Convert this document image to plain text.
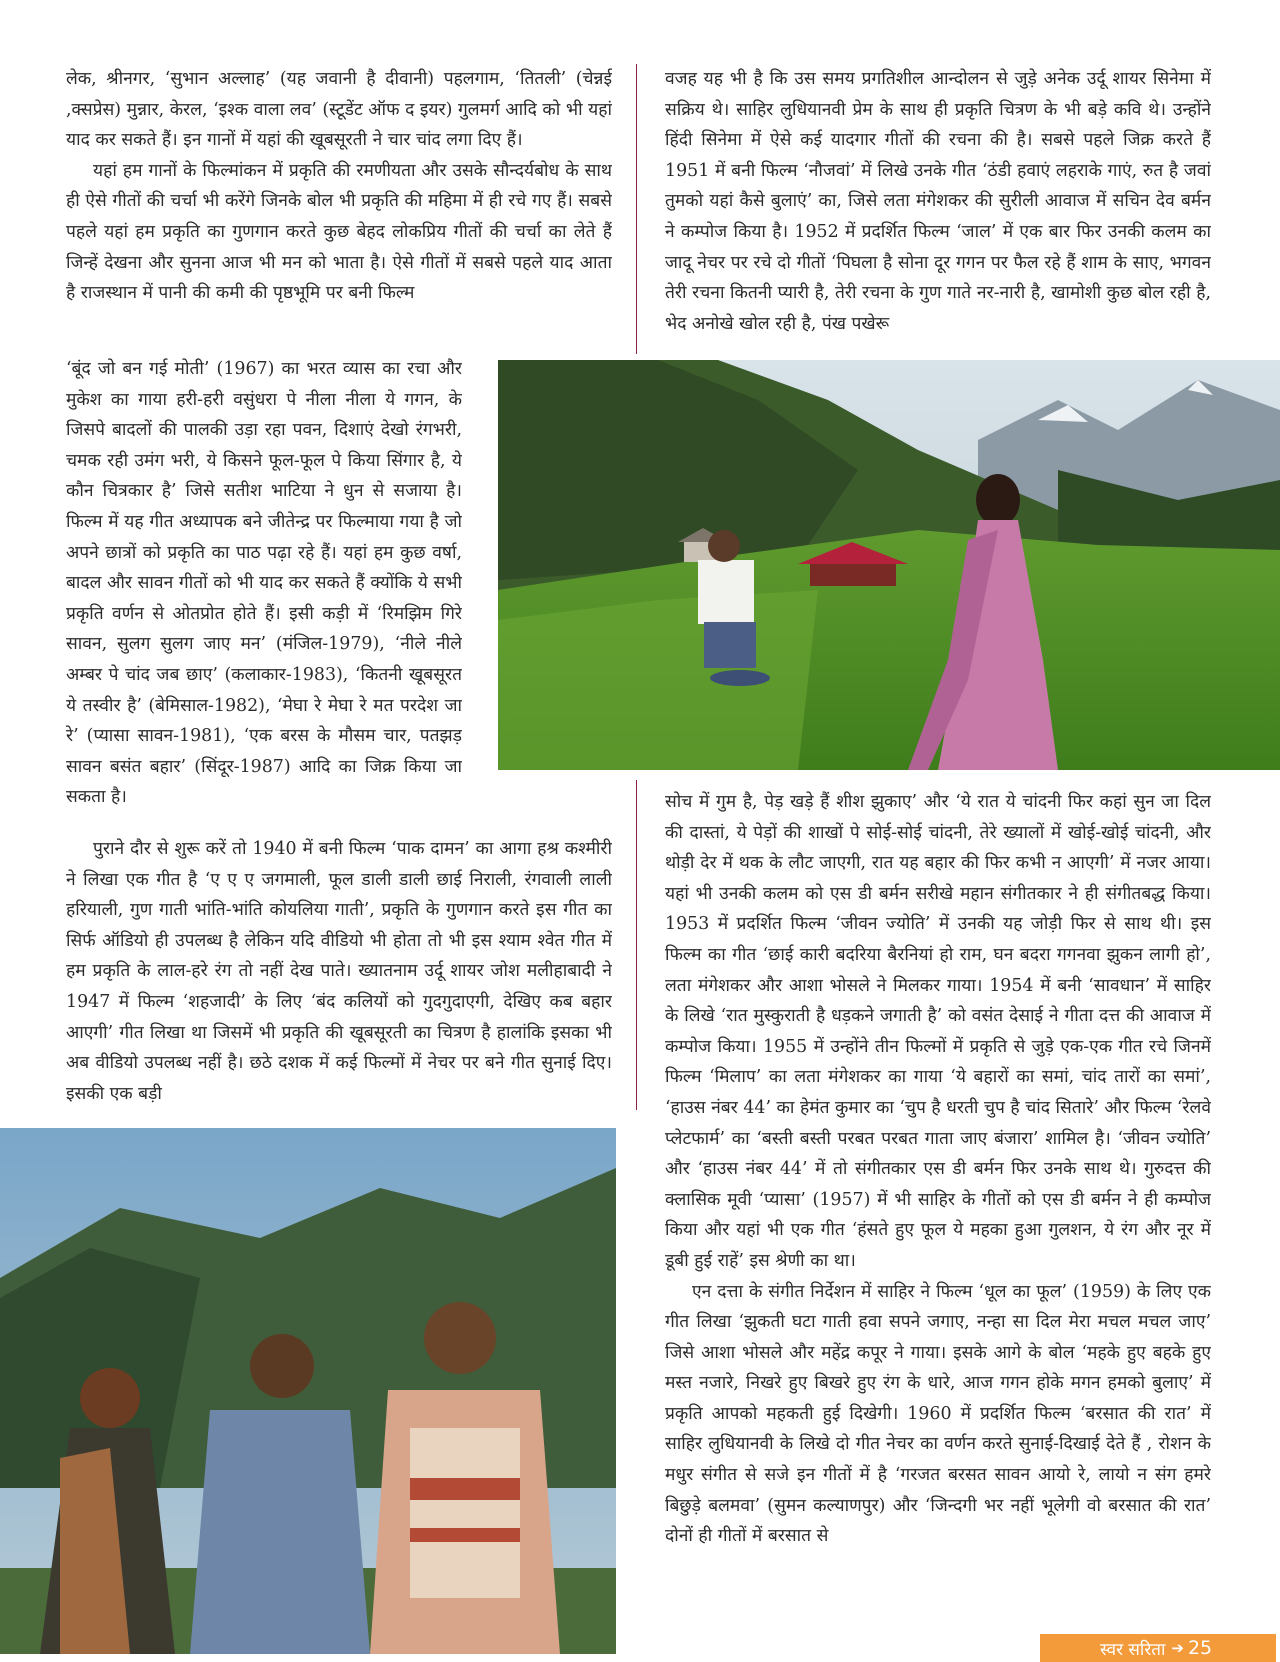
लेक, श्रीनगर, ‘सुभान अल्लाह’ (यह जवानी है दीवानी) पहलगाम, ‘तितली’ (चेन्नई ,क्सप्रेस) मुन्नार, केरल, ‘इश्क वाला लव’ (स्टूडेंट ऑफ द इयर) गुलमर्ग आदि को भी यहां याद कर सकते हैं। इन गानों में यहां की खूबसूरती ने चार चांद लगा दिए हैं।

यहां हम गानों के फिल्मांकन में प्रकृति की रमणीयता और उसके सौन्दर्यबोध के साथ ही ऐसे गीतों की चर्चा भी करेंगे जिनके बोल भी प्रकृति की महिमा में ही रचे गए हैं। सबसे पहले यहां हम प्रकृति का गुणगान करते कुछ बेहद लोकप्रिय गीतों की चर्चा का लेते हैं जिन्हें देखना और सुनना आज भी मन को भाता है। ऐसे गीतों में सबसे पहले याद आता है राजस्थान में पानी की कमी की पृष्ठभूमि पर बनी फिल्म

‘बूंद जो बन गई मोती’ (1967) का भरत व्यास का रचा और मुकेश का गाया हरी-हरी वसुंधरा पे नीला नीला ये गगन, के जिसपे बादलों की पालकी उड़ा रहा पवन, दिशाएं देखो रंगभरी, चमक रही उमंग भरी, ये किसने फूल-फूल पे किया सिंगार है, ये कौन चित्रकार है’ जिसे सतीश भाटिया ने धुन से सजाया है। फिल्म में यह गीत अध्यापक बने जीतेन्द्र पर फिल्माया गया है जो अपने छात्रों को प्रकृति का पाठ पढ़ा रहे हैं। यहां हम कुछ वर्षा, बादल और सावन गीतों को भी याद कर सकते हैं क्योंकि ये सभी प्रकृति वर्णन से ओतप्रोत होते हैं। इसी कड़ी में ‘रिमझिम गिरे सावन, सुलग सुलग जाए मन’ (मंजिल-1979), ‘नीले नीले अम्बर पे चांद जब छाए’ (कलाकार-1983), ‘कितनी खूबसूरत ये तस्वीर है’ (बेमिसाल-1982), ‘मेघा रे मेघा रे मत परदेश जा रे’ (प्यासा सावन-1981), ‘एक बरस के मौसम चार, पतझड़ सावन बसंत बहार’ (सिंदूर-1987) आदि का जिक्र किया जा सकता है।

पुराने दौर से शुरू करें तो 1940 में बनी फिल्म ‘पाक दामन’ का आगा हश्र कश्मीरी ने लिखा एक गीत है ‘ए ए ए जगमाली, फूल डाली डाली छाई निराली, रंगवाली लाली हरियाली, गुण गाती भांति-भांति कोयलिया गाती’, प्रकृति के गुणगान करते इस गीत का सिर्फ ऑडियो ही उपलब्ध है लेकिन यदि वीडियो भी होता तो भी इस श्याम श्वेत गीत में हम प्रकृति के लाल-हरे रंग तो नहीं देख पाते। ख्यातनाम उर्दू शायर जोश मलीहाबादी ने 1947 में फिल्म ‘शहजादी’ के लिए ‘बंद कलियों को गुदगुदाएगी, देखिए कब बहार आएगी’ गीत लिखा था जिसमें भी प्रकृति की खूबसूरती का चित्रण है हालांकि इसका भी अब वीडियो उपलब्ध नहीं है। छठे दशक में कई फिल्मों में नेचर पर बने गीत सुनाई दिए। इसकी एक बड़ी

वजह यह भी है कि उस समय प्रगतिशील आन्दोलन से जुड़े अनेक उर्दू शायर सिनेमा में सक्रिय थे। साहिर लुधियानवी प्रेम के साथ ही प्रकृति चित्रण के भी बड़े कवि थे। उन्होंने हिंदी सिनेमा में ऐसे कई यादगार गीतों की रचना की है। सबसे पहले जिक्र करते हैं 1951 में बनी फिल्म ‘नौजवां’ में लिखे उनके गीत ‘ठंडी हवाएं लहराके गाएं, रुत है जवां तुमको यहां कैसे बुलाएं’ का, जिसे लता मंगेशकर की सुरीली आवाज में सचिन देव बर्मन ने कम्पोज किया है। 1952 में प्रदर्शित फिल्म ‘जाल’ में एक बार फिर उनकी कलम का जादू नेचर पर रचे दो गीतों ‘पिघला है सोना दूर गगन पर फैल रहे हैं शाम के साए, भगवन तेरी रचना कितनी प्यारी है, तेरी रचना के गुण गाते नर-नारी है, खामोशी कुछ बोल रही है, भेद अनोखे खोल रही है, पंख पखेरू

सोच में गुम है, पेड़ खड़े हैं शीश झुकाए’ और ‘ये रात ये चांदनी फिर कहां सुन जा दिल की दास्तां, ये पेड़ों की शाखों पे सोई-सोई चांदनी, तेरे ख्यालों में खोई-खोई चांदनी, और थोड़ी देर में थक के लौट जाएगी, रात यह बहार की फिर कभी न आएगी’ में नजर आया। यहां भी उनकी कलम को एस डी बर्मन सरीखे महान संगीतकार ने ही संगीतबद्ध किया। 1953 में प्रदर्शित फिल्म ‘जीवन ज्योति’ में उनकी यह जोड़ी फिर से साथ थी। इस फिल्म का गीत ‘छाई कारी बदरिया बैरनियां हो राम, घन बदरा गगनवा झुकन लागी हो’, लता मंगेशकर और आशा भोसले ने मिलकर गाया। 1954 में बनी ‘सावधान’ में साहिर के लिखे ‘रात मुस्कुराती है धड़कने जगाती है’ को वसंत देसाई ने गीता दत्त की आवाज में कम्पोज किया। 1955 में उन्होंने तीन फिल्मों में प्रकृति से जुड़े एक-एक गीत रचे जिनमें फिल्म ‘मिलाप’ का लता मंगेशकर का गाया ‘ये बहारों का समां, चांद तारों का समां’, ‘हाउस नंबर 44’ का हेमंत कुमार का ‘चुप है धरती चुप है चांद सितारे’ और फिल्म ‘रेलवे प्लेटफार्म’ का ‘बस्ती बस्ती परबत परबत गाता जाए बंजारा’ शामिल है। ‘जीवन ज्योति’ और ‘हाउस नंबर 44’ में तो संगीतकार एस डी बर्मन फिर उनके साथ थे। गुरुदत्त की क्लासिक मूवी ‘प्यासा’ (1957) में भी साहिर के गीतों को एस डी बर्मन ने ही कम्पोज किया और यहां भी एक गीत ‘हंसते हुए फूल ये महका हुआ गुलशन, ये रंग और नूर में डूबी हुई राहें’ इस श्रेणी का था।

एन दत्ता के संगीत निर्देशन में साहिर ने फिल्म ‘धूल का फूल’ (1959) के लिए एक गीत लिखा ‘झुकती घटा गाती हवा सपने जगाए, नन्हा सा दिल मेरा मचल मचल जाए’ जिसे आशा भोसले और महेंद्र कपूर ने गाया। इसके आगे के बोल ‘महके हुए बहके हुए मस्त नजारे, निखरे हुए बिखरे हुए रंग के धारे, आज गगन होके मगन हमको बुलाए’ में प्रकृति आपको महकती हुई दिखेगी। 1960 में प्रदर्शित फिल्म ‘बरसात की रात’ में साहिर लुधियानवी के लिखे दो गीत नेचर का वर्णन करते सुनाई-दिखाई देते हैं , रोशन के मधुर संगीत से सजे इन गीतों में है ‘गरजत बरसत सावन आयो रे, लायो न संग हमरे बिछुड़े बलमवा’ (सुमन कल्याणपुर) और ‘जिन्दगी भर नहीं भूलेगी वो बरसात की रात’ दोनों ही गीतों में बरसात से

स्वर सरिता ➔ 25
